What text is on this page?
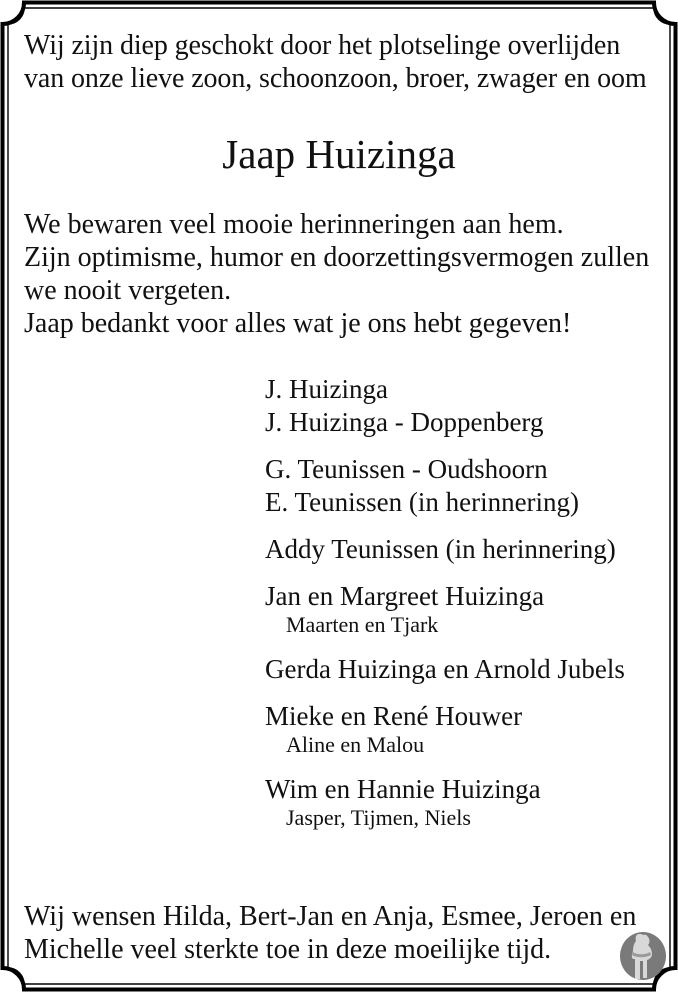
Wij zijn diep geschokt door het plotselinge overlijden
van onze lieve zoon, schoonzoon, broer, zwager en oom
Jaap Huizinga
We bewaren veel mooie herinneringen aan hem.
Zijn optimisme, humor en doorzettingsvermogen zullen
we nooit vergeten.
Jaap bedankt voor alles wat je ons hebt gegeven!
J. Huizinga
J. Huizinga - Doppenberg
G. Teunissen - Oudshoorn
E. Teunissen (in herinnering)
Addy Teunissen (in herinnering)
Jan en Margreet Huizinga
Maarten en Tjark
Gerda Huizinga en Arnold Jubels
Mieke en René Houwer
Aline en Malou
Wim en Hannie Huizinga
Jasper, Tijmen, Niels
Wij wensen Hilda, Bert-Jan en Anja, Esmee, Jeroen en
Michelle veel sterkte toe in deze moeilijke tijd.
